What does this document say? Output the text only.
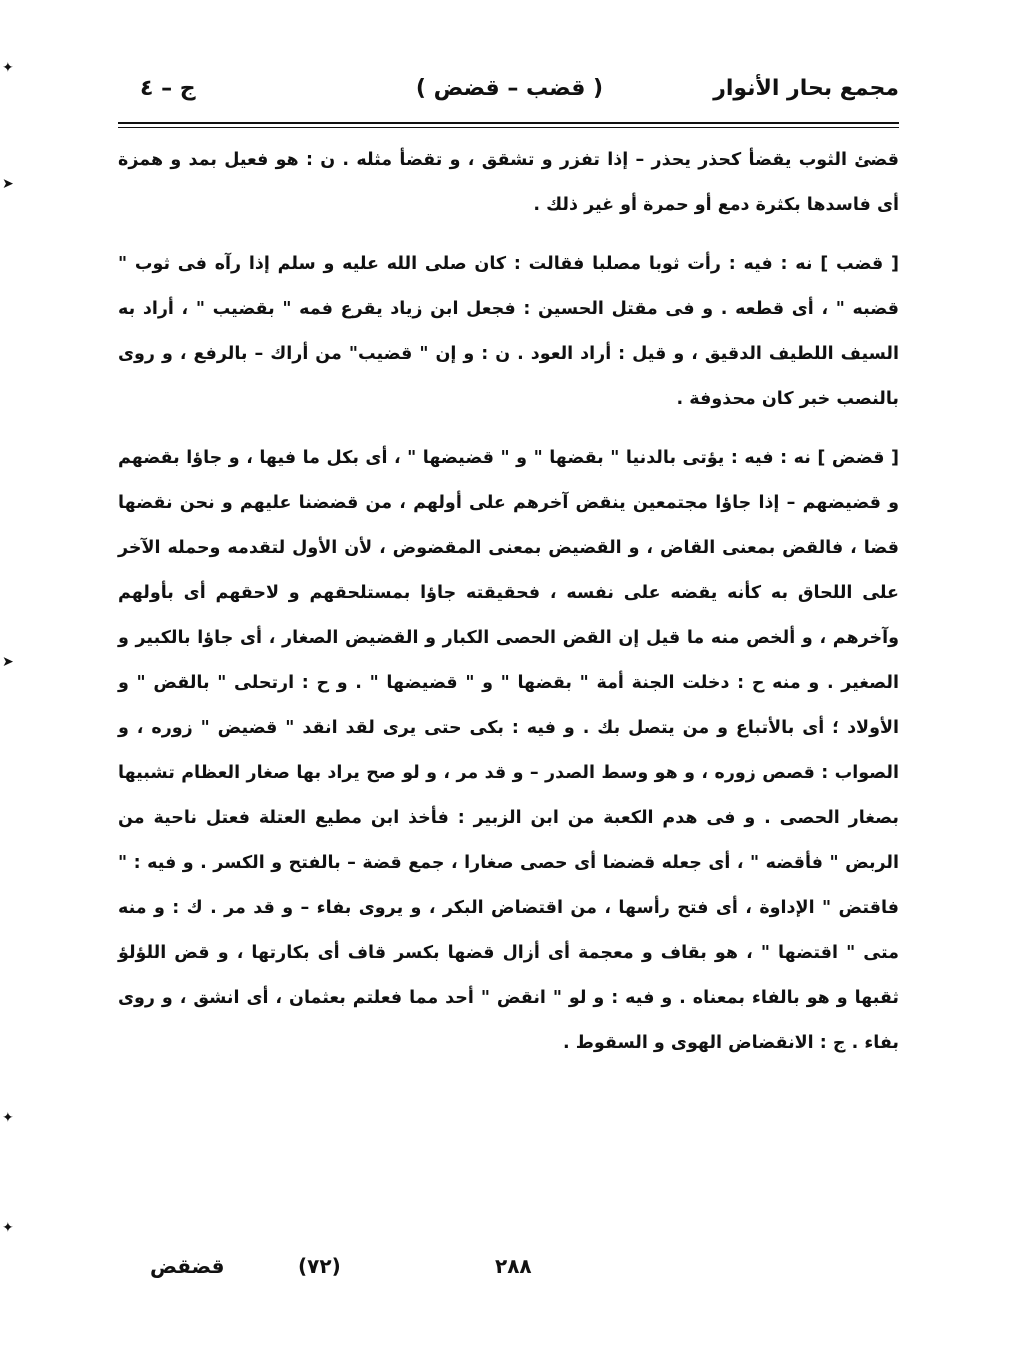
مجمع بحار الأنوار
( قضب – قضض )
ج – ٤

قضئ الثوب يقضأ كحذر يحذر – إذا تفزر و تشقق ، و تقضأ مثله . ن : هو فعيل بمد و همزة أى فاسدها بكثرة دمع أو حمرة أو غير ذلك .

[ قضب ] نه : فيه : رأت ثوبا مصلبا فقالت : كان صلى الله عليه و سلم إذا رآه فى ثوب " قضبه " ، أى قطعه . و فى مقتل الحسين : فجعل ابن زياد يقرع فمه " بقضيب " ، أراد به السيف اللطيف الدقيق ، و قيل : أراد العود . ن : و إن " قضيب" من أراك – بالرفع ، و روى بالنصب خبر كان محذوفة .

[ قضض ] نه : فيه : يؤتى بالدنيا " بقضها " و " قضيضها " ، أى بكل ما فيها ، و جاؤا بقضهم و قضيضهم – إذا جاؤا مجتمعين ينقض آخرهم على أولهم ، من قضضنا عليهم و نحن نقضها قضا ، فالقض بمعنى القاض ، و القضيض بمعنى المقضوض ، لأن الأول لتقدمه وحمله الآخر على اللحاق به كأنه يقضه على نفسه ، فحقيقته جاؤا بمستلحقهم و لاحقهم أى بأولهم وآخرهم ، و ألخص منه ما قيل إن القض الحصى الكبار و القضيض الصغار ، أى جاؤا بالكبير و الصغير . و منه ح : دخلت الجنة أمة " بقضها " و " قضيضها " . و ح : ارتحلى " بالقض " و الأولاد ؛ أى بالأتباع و من يتصل بك . و فيه : بكى حتى يرى لقد انقد " قضيض " زوره ، و الصواب : قصص زوره ، و هو وسط الصدر – و قد مر ، و لو صح يراد بها صغار العظام تشبيها بصغار الحصى . و فى هدم الكعبة من ابن الزبير : فأخذ ابن مطيع العتلة فعتل ناحية من الربض " فأقضه " ، أى جعله قضضا أى حصى صغارا ، جمع قضة – بالفتح و الكسر . و فيه : " فاقتض " الإداوة ، أى فتح رأسها ، من اقتضاض البكر ، و يروى بفاء – و قد مر . ك : و منه متى " اقتضها " ، هو بقاف و معجمة أى أزال قضها بكسر قاف أى بكارتها ، و قض اللؤلؤ ثقبها و هو بالفاء بمعناه . و فيه : و لو " انقض " أحد مما فعلتم بعثمان ، أى انشق ، و روى بفاء . ج : الانقضاض الهوى و السقوط .

قضقض	(٧٢)	٢٨٨
✦
➤
➤
✦
✦
